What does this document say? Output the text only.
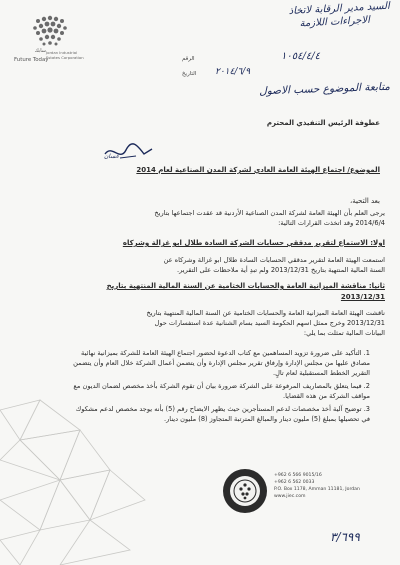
سابك
Future Today
Jordan Industrial Estates Corporation
السيد مدير الرقابة لاتخاذ
الاجراءات اللازمة
١٠٥٤/٤/٤
الرقم
٢٠١٤/٦/٩
التاريخ
متابعة الموضوع حسب الاصول
عطوفة الرئيس التنفيذي المحترم
غسان
الموضوع/ اجتماع الهيئة العامة العادي لشركة المدن الصناعية لعام 2014
بعد التحية،
يرجى العلم بأن الهيئة العامة لشركة المدن الصناعية الأردنية قد عقدت اجتماعها بتاريخ
2014/6/4 وقد اتخذت القرارات التالية:
اولا: الاستماع لتقرير مدققي حسابات الشركة السادة طلال ابو غزالة وشركاه
استمعت الهيئة العامة لتقرير مدققي الحسابات السادة طلال ابو غزالة وشركاه عن
السنة المالية المنتهية بتاريخ 2013/12/31 ولم تبدِ أية ملاحظات على التقرير.
ثانيا: مناقشة الميزانية العامة والحسابات الختامية عن السنة المالية المنتهية بتاريخ 2013/12/31
ناقشت الهيئة العامة الميزانية العامة والحسابات الختامية عن السنة المالية المنتهية بتاريخ
2013/12/31 وخرج ممثل اسهم الحكومة السيد بسام الشنانية عدة استفسارات حول
البيانات المالية تمثلت بما يلي:
1. التأكيد على ضرورة تزويد المساهمين مع كتاب الدعوة لحضور اجتماع الهيئة العامة للشركة بميزانية نهائية مصادق عليها من مجلس الإدارة وإرفاق تقرير مجلس الإدارة وأن يتضمن أعمال الشركة خلال العام وأن يتضمن التقرير الخطط المستقبلية لعام تالٍ.
2. فيما يتعلق بالمصاريف المرفوعة على الشركة ضرورة بيان أن تقوم الشركة بأخذ مخصص لضمان الديون مع مواقف الشركة من هذه القضايا.
3. توضيح آلية أخذ مخصصات لدعم المستأجرين حيث يظهر الايضاح رقم (5) بأنه يوجد مخصص لدعم مشكوك في تحصيلها بمبلغ (5) مليون دينار والمبالغ المترتبة المتجاوز (8) مليون دينار.
+962 6 566 9015/16
+962 6 562 0033
P.O. Box 1178, Amman 11181, Jordan
www.jiec.com
٣/٦٩٩
